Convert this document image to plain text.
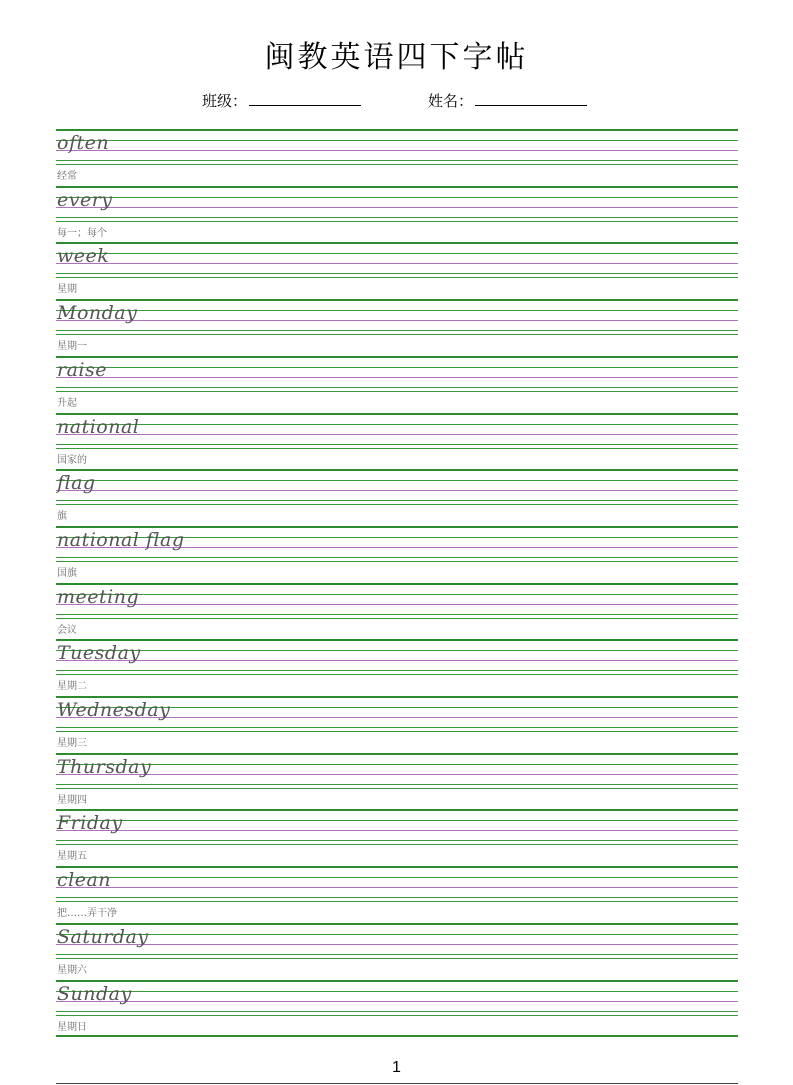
闽教英语四下字帖
班级：	姓名：
often
经常
every
每一；每个
week
星期
Monday
星期一
raise
升起
national
国家的
flag
旗
national flag
国旗
meeting
会议
Tuesday
星期二
Wednesday
星期三
Thursday
星期四
Friday
星期五
clean
把……弄干净
Saturday
星期六
Sunday
星期日
1
